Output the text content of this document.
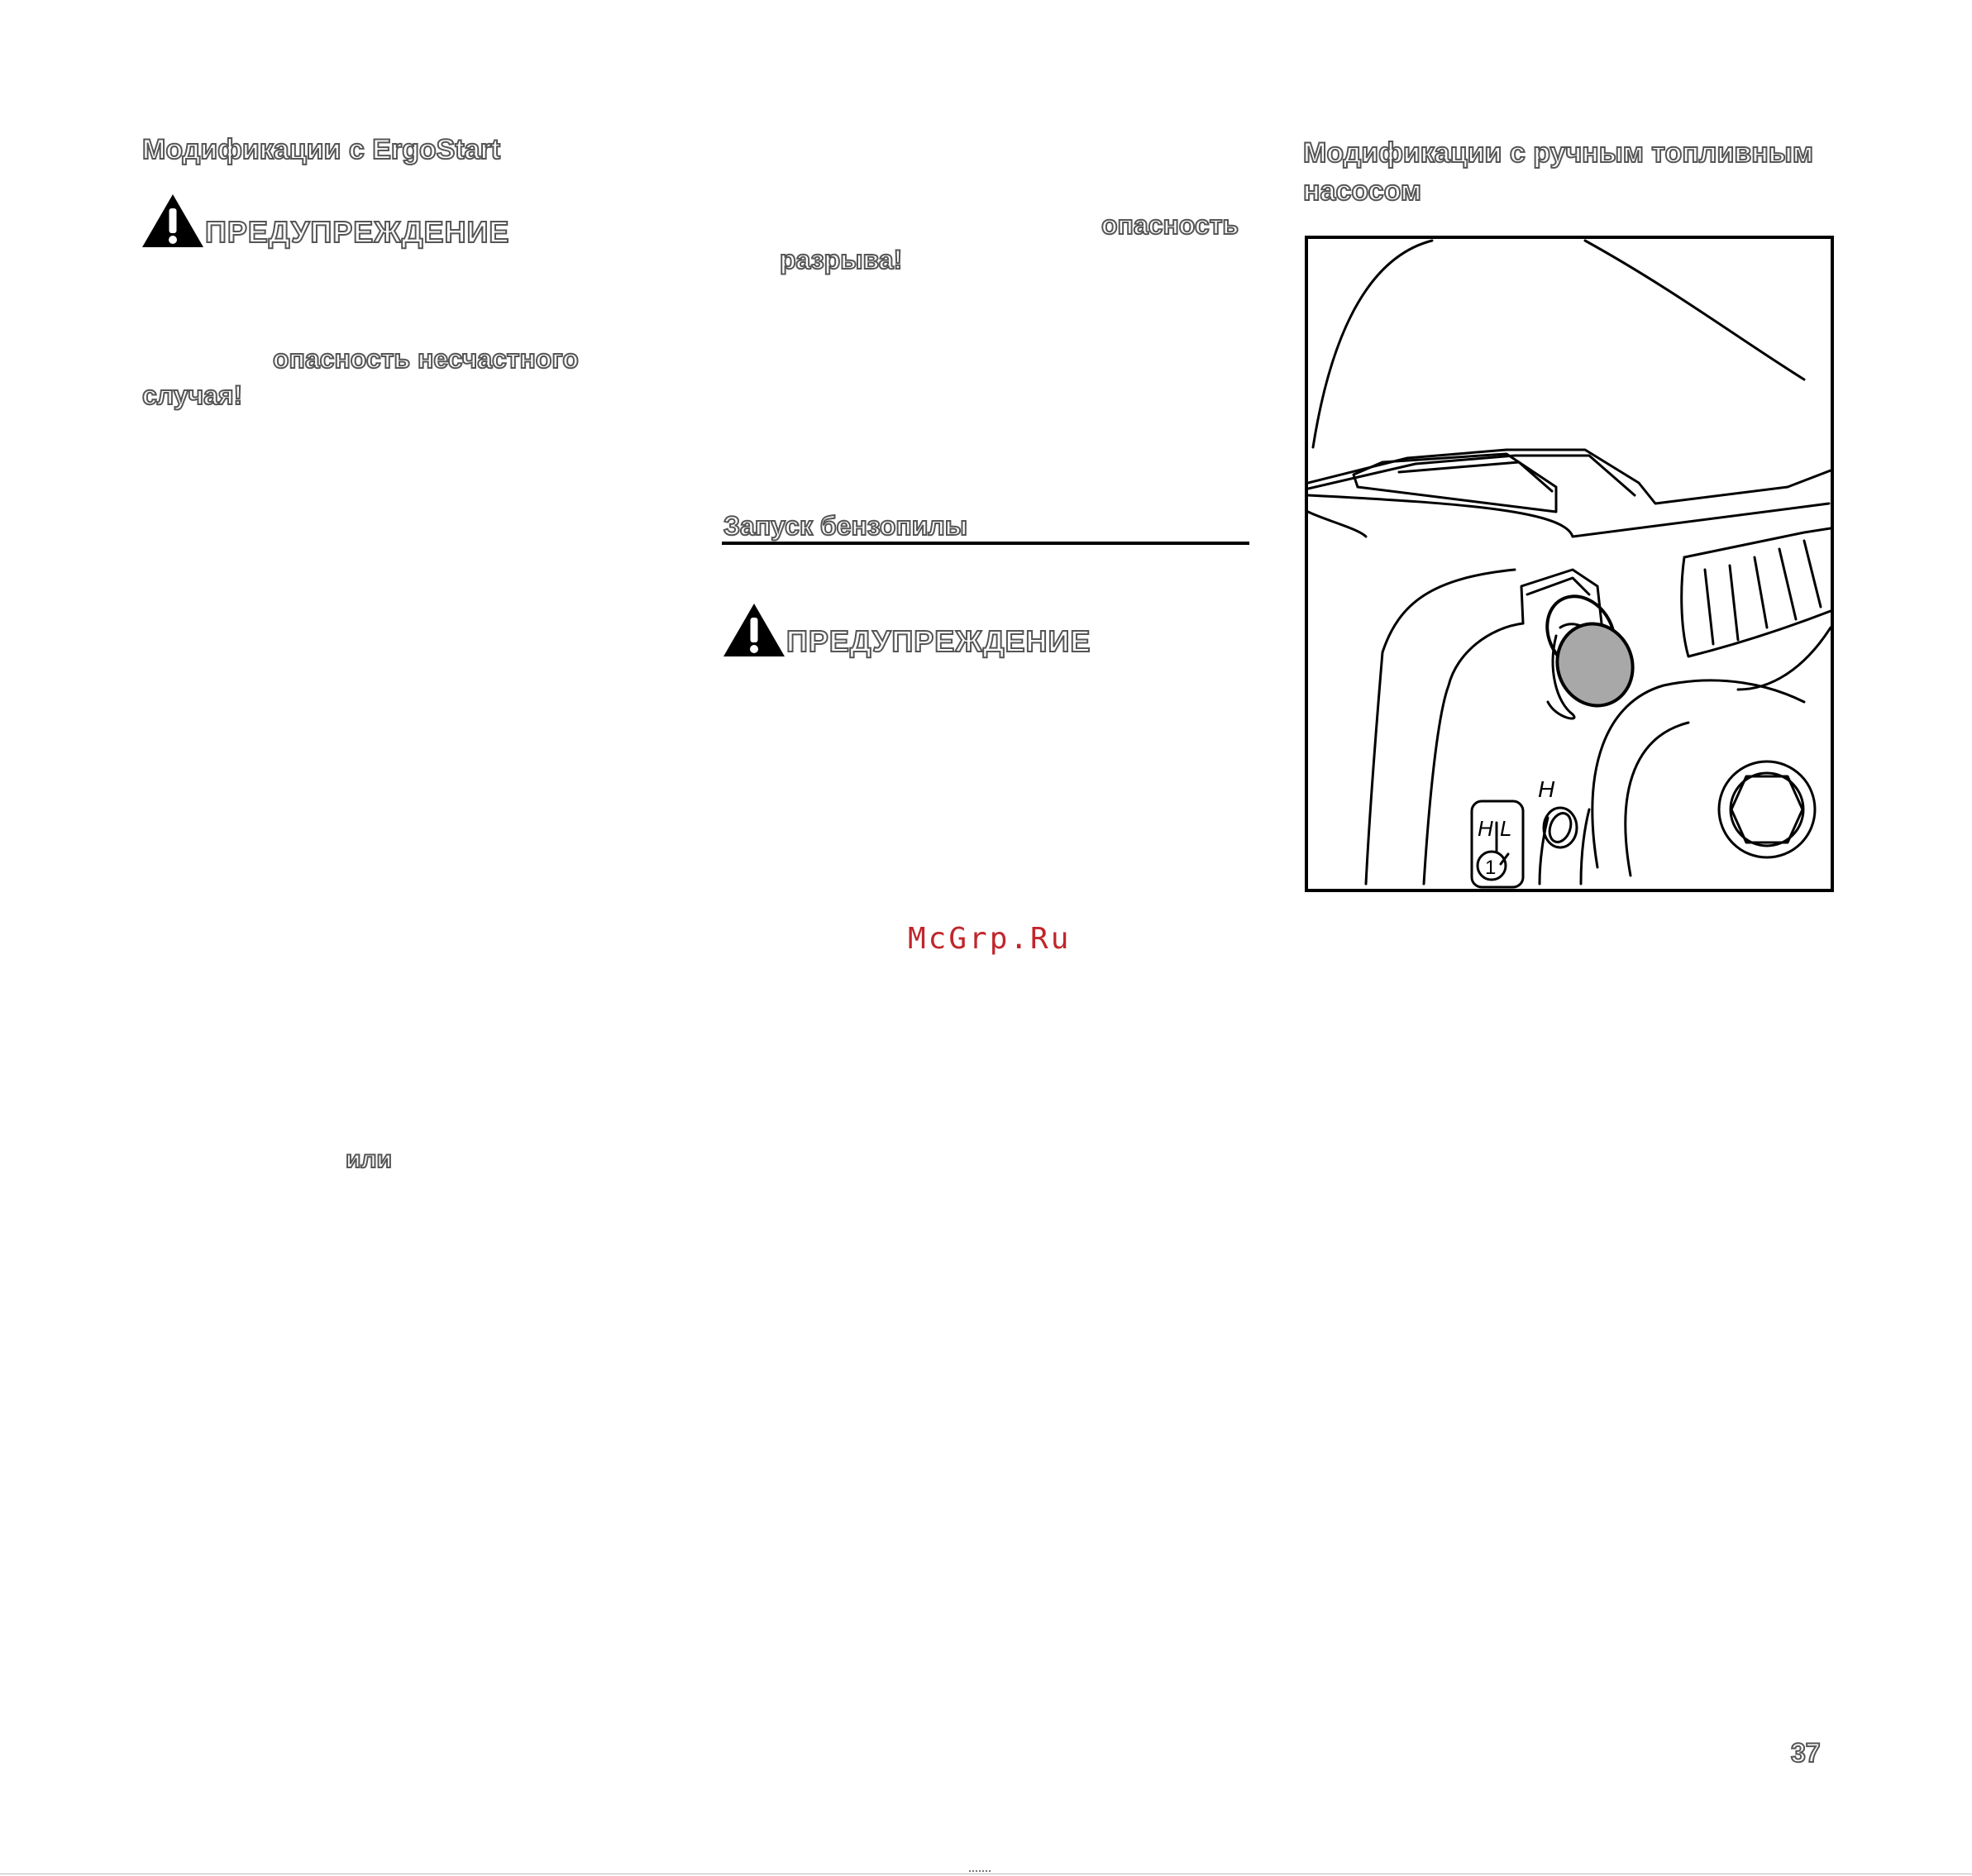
Модификации с ErgoStart
ПРЕДУПРЕЖДЕНИЕ
опасность несчастного
случая!
или
опасность
разрыва!
Запуск бензопилы
ПРЕДУПРЕЖДЕНИЕ
Модификации с ручным топливным
насосом
H
H L
1
McGrp.Ru
37
